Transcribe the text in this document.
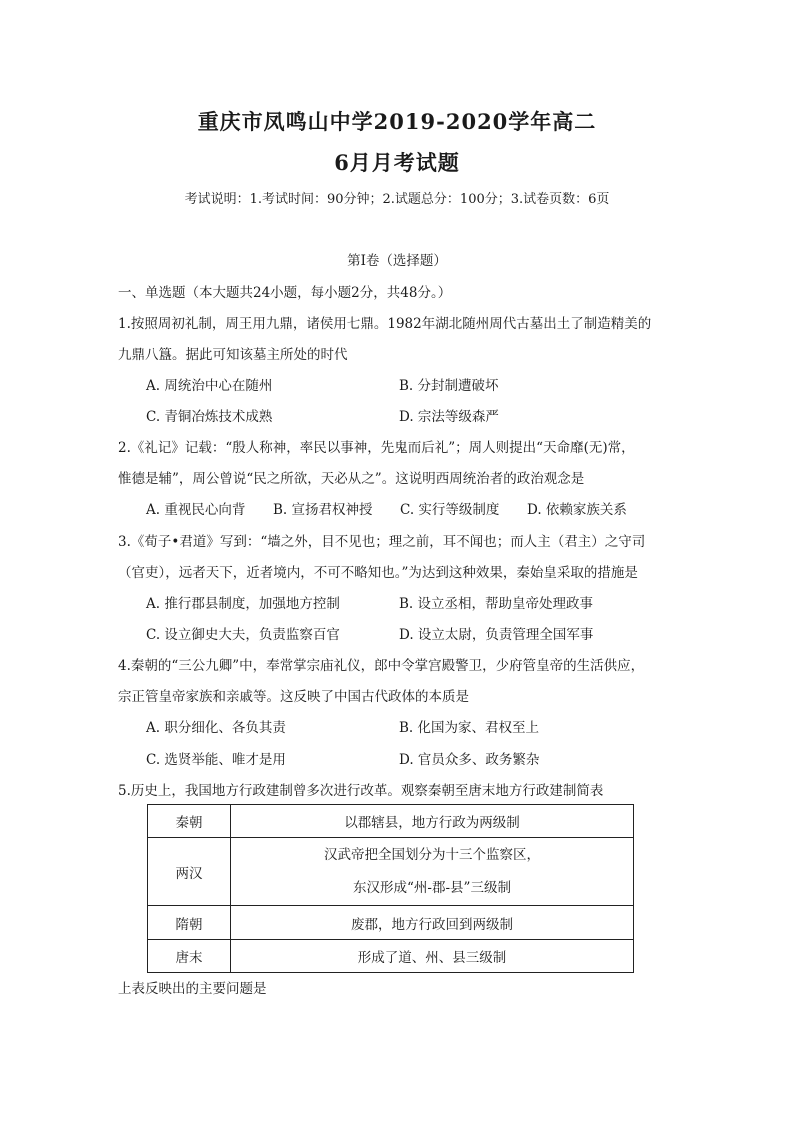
重庆市凤鸣山中学2019-2020学年高二
6月月考试题
考试说明：1.考试时间：90分钟；2.试题总分：100分；3.试卷页数：6页
第Ⅰ卷（选择题）
一、单选题（本大题共24小题，每小题2分，共48分。）
1.按照周初礼制，周王用九鼎，诸侯用七鼎。1982年湖北随州周代古墓出土了制造精美的
九鼎八簋。据此可知该墓主所处的时代
A. 周统治中心在随州	B. 分封制遭破坏
C. 青铜冶炼技术成熟	D. 宗法等级森严
2.《礼记》记载：“殷人称神，率民以事神，先鬼而后礼”；周人则提出“天命靡(无)常，
惟德是辅”，周公曾说“民之所欲，天必从之”。这说明西周统治者的政治观念是
A. 重视民心向背 B. 宣扬君权神授 C. 实行等级制度 D. 依赖家族关系
3.《荀子•君道》写到：“墙之外，目不见也；理之前，耳不闻也；而人主（君主）之守司
（官吏），远者天下，近者境内，不可不略知也。”为达到这种效果，秦始皇采取的措施是
A. 推行郡县制度，加强地方控制	B. 设立丞相，帮助皇帝处理政事
C. 设立御史大夫，负责监察百官	D. 设立太尉，负责管理全国军事
4.秦朝的“三公九卿”中，奉常掌宗庙礼仪，郎中令掌宫殿警卫，少府管皇帝的生活供应，
宗正管皇帝家族和亲戚等。这反映了中国古代政体的本质是
A. 职分细化、各负其责	B. 化国为家、君权至上
C. 选贤举能、唯才是用	D. 官员众多、政务繁杂
5.历史上，我国地方行政建制曾多次进行改革。观察秦朝至唐末地方行政建制简表
秦朝	以郡辖县，地方行政为两级制
两汉	汉武帝把全国划分为十三个监察区，
东汉形成“州-郡-县”三级制

隋朝	废郡，地方行政回到两级制
唐末	形成了道、州、县三级制
上表反映出的主要问题是
